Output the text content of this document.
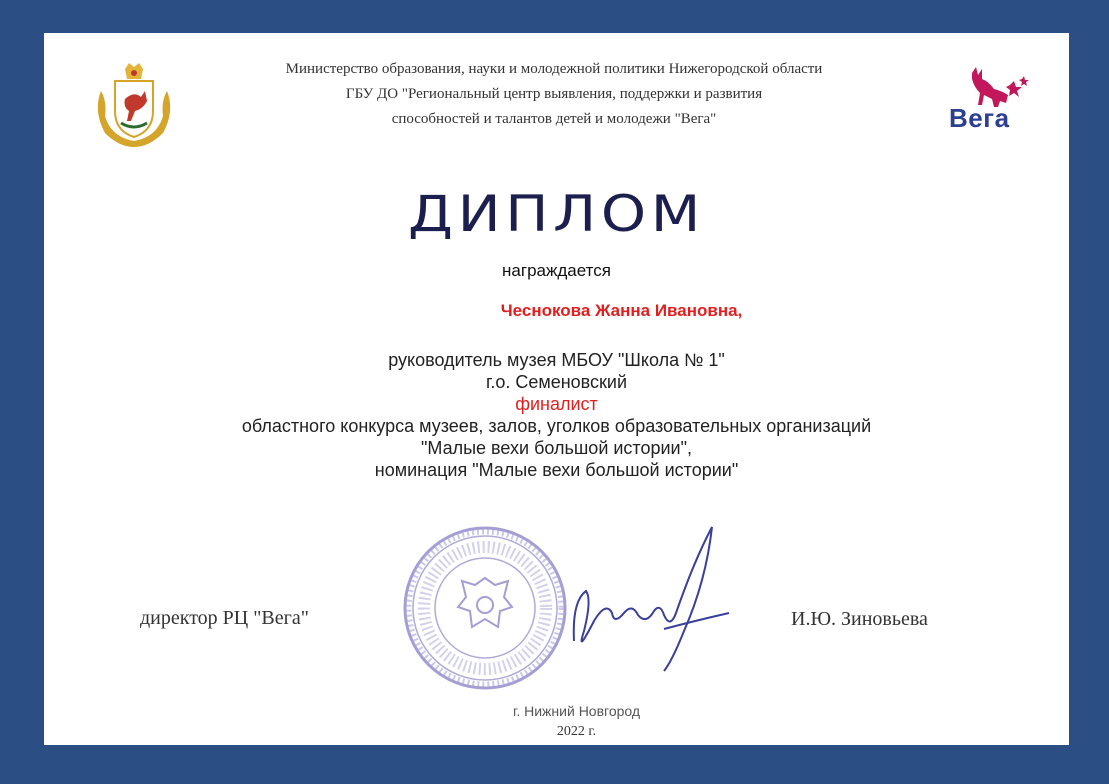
Министерство образования, науки и молодежной политики Нижегородской области
ГБУ ДО "Региональный центр выявления, поддержки и развития
способностей и талантов детей и молодежи "Вега"	Вега
ДИПЛОМ
награждается
Чеснокова Жанна Ивановна,
руководитель музея МБОУ "Школа № 1"
г.о. Семеновский
финалист
областного конкурса музеев, залов, уголков образовательных организаций
"Малые вехи большой истории",
номинация "Малые вехи большой истории"
директор РЦ "Вега"	И.Ю. Зиновьева
г. Нижний Новгород
2022 г.
